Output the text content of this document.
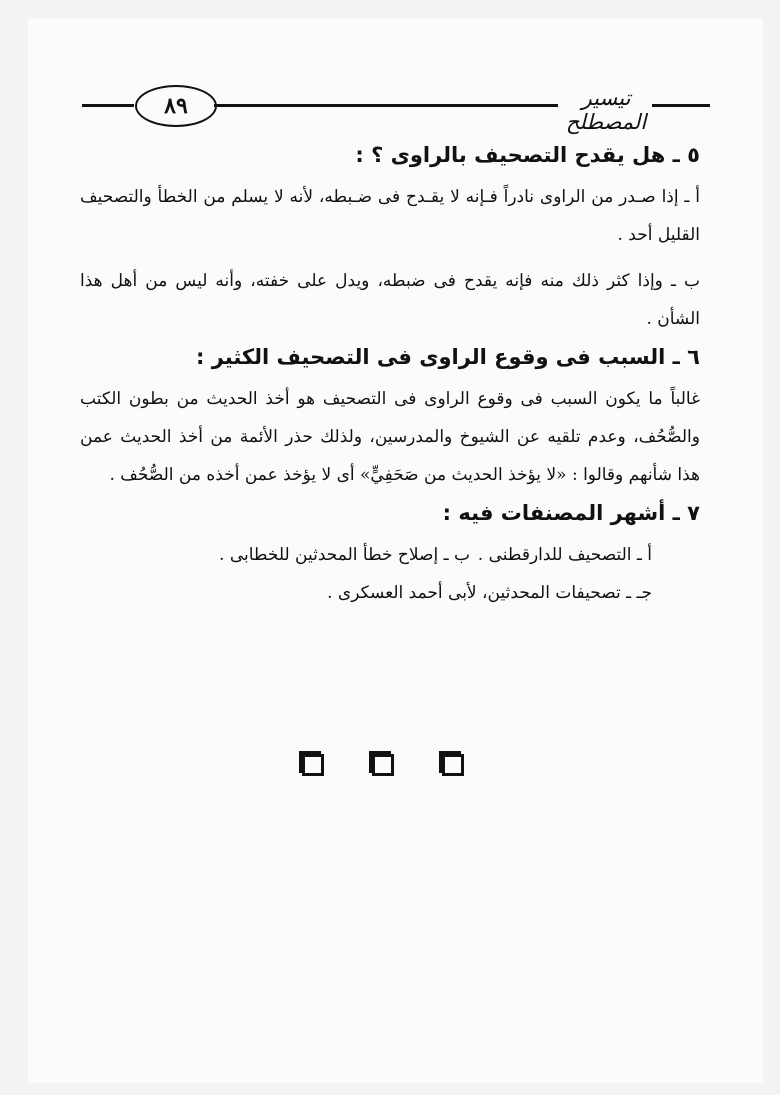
٨٩	تيسير المصطلح
٥ ـ هل يقدح التصحيف بالراوى ؟ :

أ ـ إذا صـدر من الراوى نادراً فـإنه لا يقـدح فى ضـبطه، لأنه لا يسلم من الخطأ والتصحيف القليل أحد .

ب ـ وإذا كثر ذلك منه فإنه يقدح فى ضبطه، ويدل على خفته، وأنه ليس من أهل هذا الشأن .

٦ ـ السبب فى وقوع الراوى فى التصحيف الكثير :

غالباً ما يكون السبب فى وقوع الراوى فى التصحيف هو أخذ الحديث من بطون الكتب والصُّحُف، وعدم تلقيه عن الشيوخ والمدرسين، ولذلك حذر الأئمة من أخذ الحديث عمن هذا شأنهم وقالوا : «لا يؤخذ الحديث من صَحَفِيٍّ» أى لا يؤخذ عمن أخذه من الصُّحُف .

٧ ـ أشهر المصنفات فيه :
أ ـ التصحيف للدارقطنى .
ب ـ إصلاح خطأ المحدثين للخطابى .
جـ ـ تصحيفات المحدثين، لأبى أحمد العسكرى .
